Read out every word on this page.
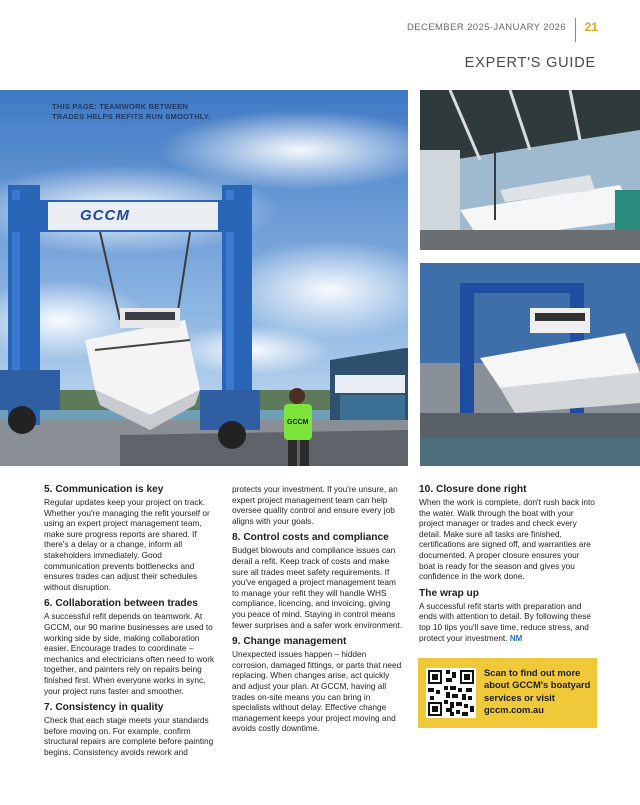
DECEMBER 2025-JANUARY 2026 21
EXPERT'S GUIDE
GCCM
GCCM
THIS PAGE: TEAMWORK BETWEEN
TRADES HELPS REFITS RUN SMOOTHLY.
5. Communication is key

Regular updates keep your project on track. Whether you're managing the refit yourself or using an expert project management team, make sure progress reports are shared. If there's a delay or a change, inform all stakeholders immediately. Good communication prevents bottlenecks and ensures trades can adjust their schedules without disruption.

6. Collaboration between trades

A successful refit depends on teamwork. At GCCM, our 90 marine businesses are used to working side by side, making collaboration easier. Encourage trades to coordinate – mechanics and electricians often need to work together, and painters rely on repairs being finished first. When everyone works in sync, your project runs faster and smoother.

7. Consistency in quality

Check that each stage meets your standards before moving on. For example, confirm structural repairs are complete before painting begins. Consistency avoids rework and

protects your investment. If you're unsure, an expert project management team can help oversee quality control and ensure every job aligns with your goals.

8. Control costs and compliance

Budget blowouts and compliance issues can derail a refit. Keep track of costs and make sure all trades meet safety requirements. If you've engaged a project management team to manage your refit they will handle WHS compliance, licencing, and invoicing, giving you peace of mind. Staying in control means fewer surprises and a safer work environment.

9. Change management

Unexpected issues happen – hidden corrosion, damaged fittings, or parts that need replacing. When changes arise, act quickly and adjust your plan. At GCCM, having all trades on-site means you can bring in specialists without delay. Effective change management keeps your project moving and avoids costly downtime.

10. Closure done right

When the work is complete, don't rush back into the water. Walk through the boat with your project manager or trades and check every detail. Make sure all tasks are finished, certifications are signed off, and warranties are documented. A proper closure ensures your boat is ready for the season and gives you confidence in the work done.

The wrap up

A successful refit starts with preparation and ends with attention to detail. By following these top 10 tips you'll save time, reduce stress, and protect your investment. NM

Scan to find out more about GCCM's boatyard services or visit gccm.com.au
